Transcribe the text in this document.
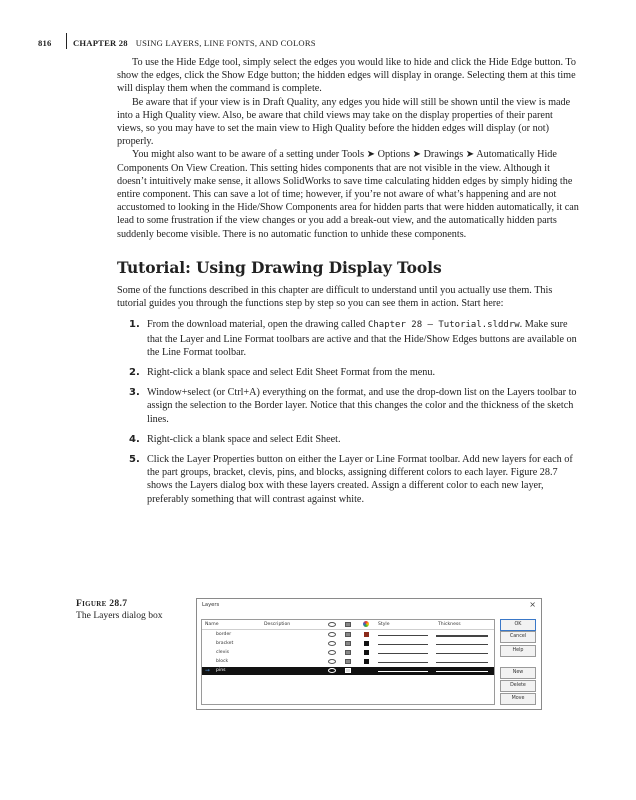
816	CHAPTER 28 USING LAYERS, LINE FONTS, AND COLORS

To use the Hide Edge tool, simply select the edges you would like to hide and click the Hide Edge button. To show the edges, click the Show Edge button; the hidden edges will display in orange. Selecting them at this time will display them when the command is complete.

Be aware that if your view is in Draft Quality, any edges you hide will still be shown until the view is made into a High Quality view. Also, be aware that child views may take on the display properties of their parent views, so you may have to set the main view to High Quality before the hidden edges will display (or not) properly.

You might also want to be aware of a setting under Tools ➤ Options ➤ Drawings ➤ Automatically Hide Components On View Creation. This setting hides components that are not visible in the view. Although it doesn’t intuitively make sense, it allows SolidWorks to save time calculating hidden edges by simply hiding the entire component. This can save a lot of time; however, if you’re not aware of what’s happening and are not accustomed to looking in the Hide/Show Components area for hidden parts that were hidden automatically, it can lead to some frustration if the view changes or you add a break-out view, and the automatically hidden parts suddenly become visible. There is no automatic function to unhide these components.

Tutorial: Using Drawing Display Tools

Some of the functions described in this chapter are difficult to understand until you actually use them. This tutorial guides you through the functions step by step so you can see them in action. Start here:

1. From the download material, open the drawing called Chapter 28 – Tutorial.slddrw. Make sure that the Layer and Line Format toolbars are active and that the Hide/Show Edges buttons are available on the Line Format toolbar.
2. Right-click a blank space and select Edit Sheet Format from the menu.
3. Window+select (or Ctrl+A) everything on the format, and use the drop-down list on the Layers toolbar to assign the selection to the Border layer. Notice that this changes the color and the thickness of the sketch lines.
4. Right-click a blank space and select Edit Sheet.
5. Click the Layer Properties button on either the Layer or Line Format toolbar. Add new layers for each of the part groups, bracket, clevis, pins, and blocks, assigning different colors to each layer. Figure 28.7 shows the Layers dialog box with these layers created. Assign a different color to each new layer, preferably something that will contrast against white.
Figure 28.7
The Layers dialog box
Layers	×
Name	Description	Style	Thickness
border
bracket
clevis
block
➞ pins
OK
Cancel
Help
New
Delete
Move
